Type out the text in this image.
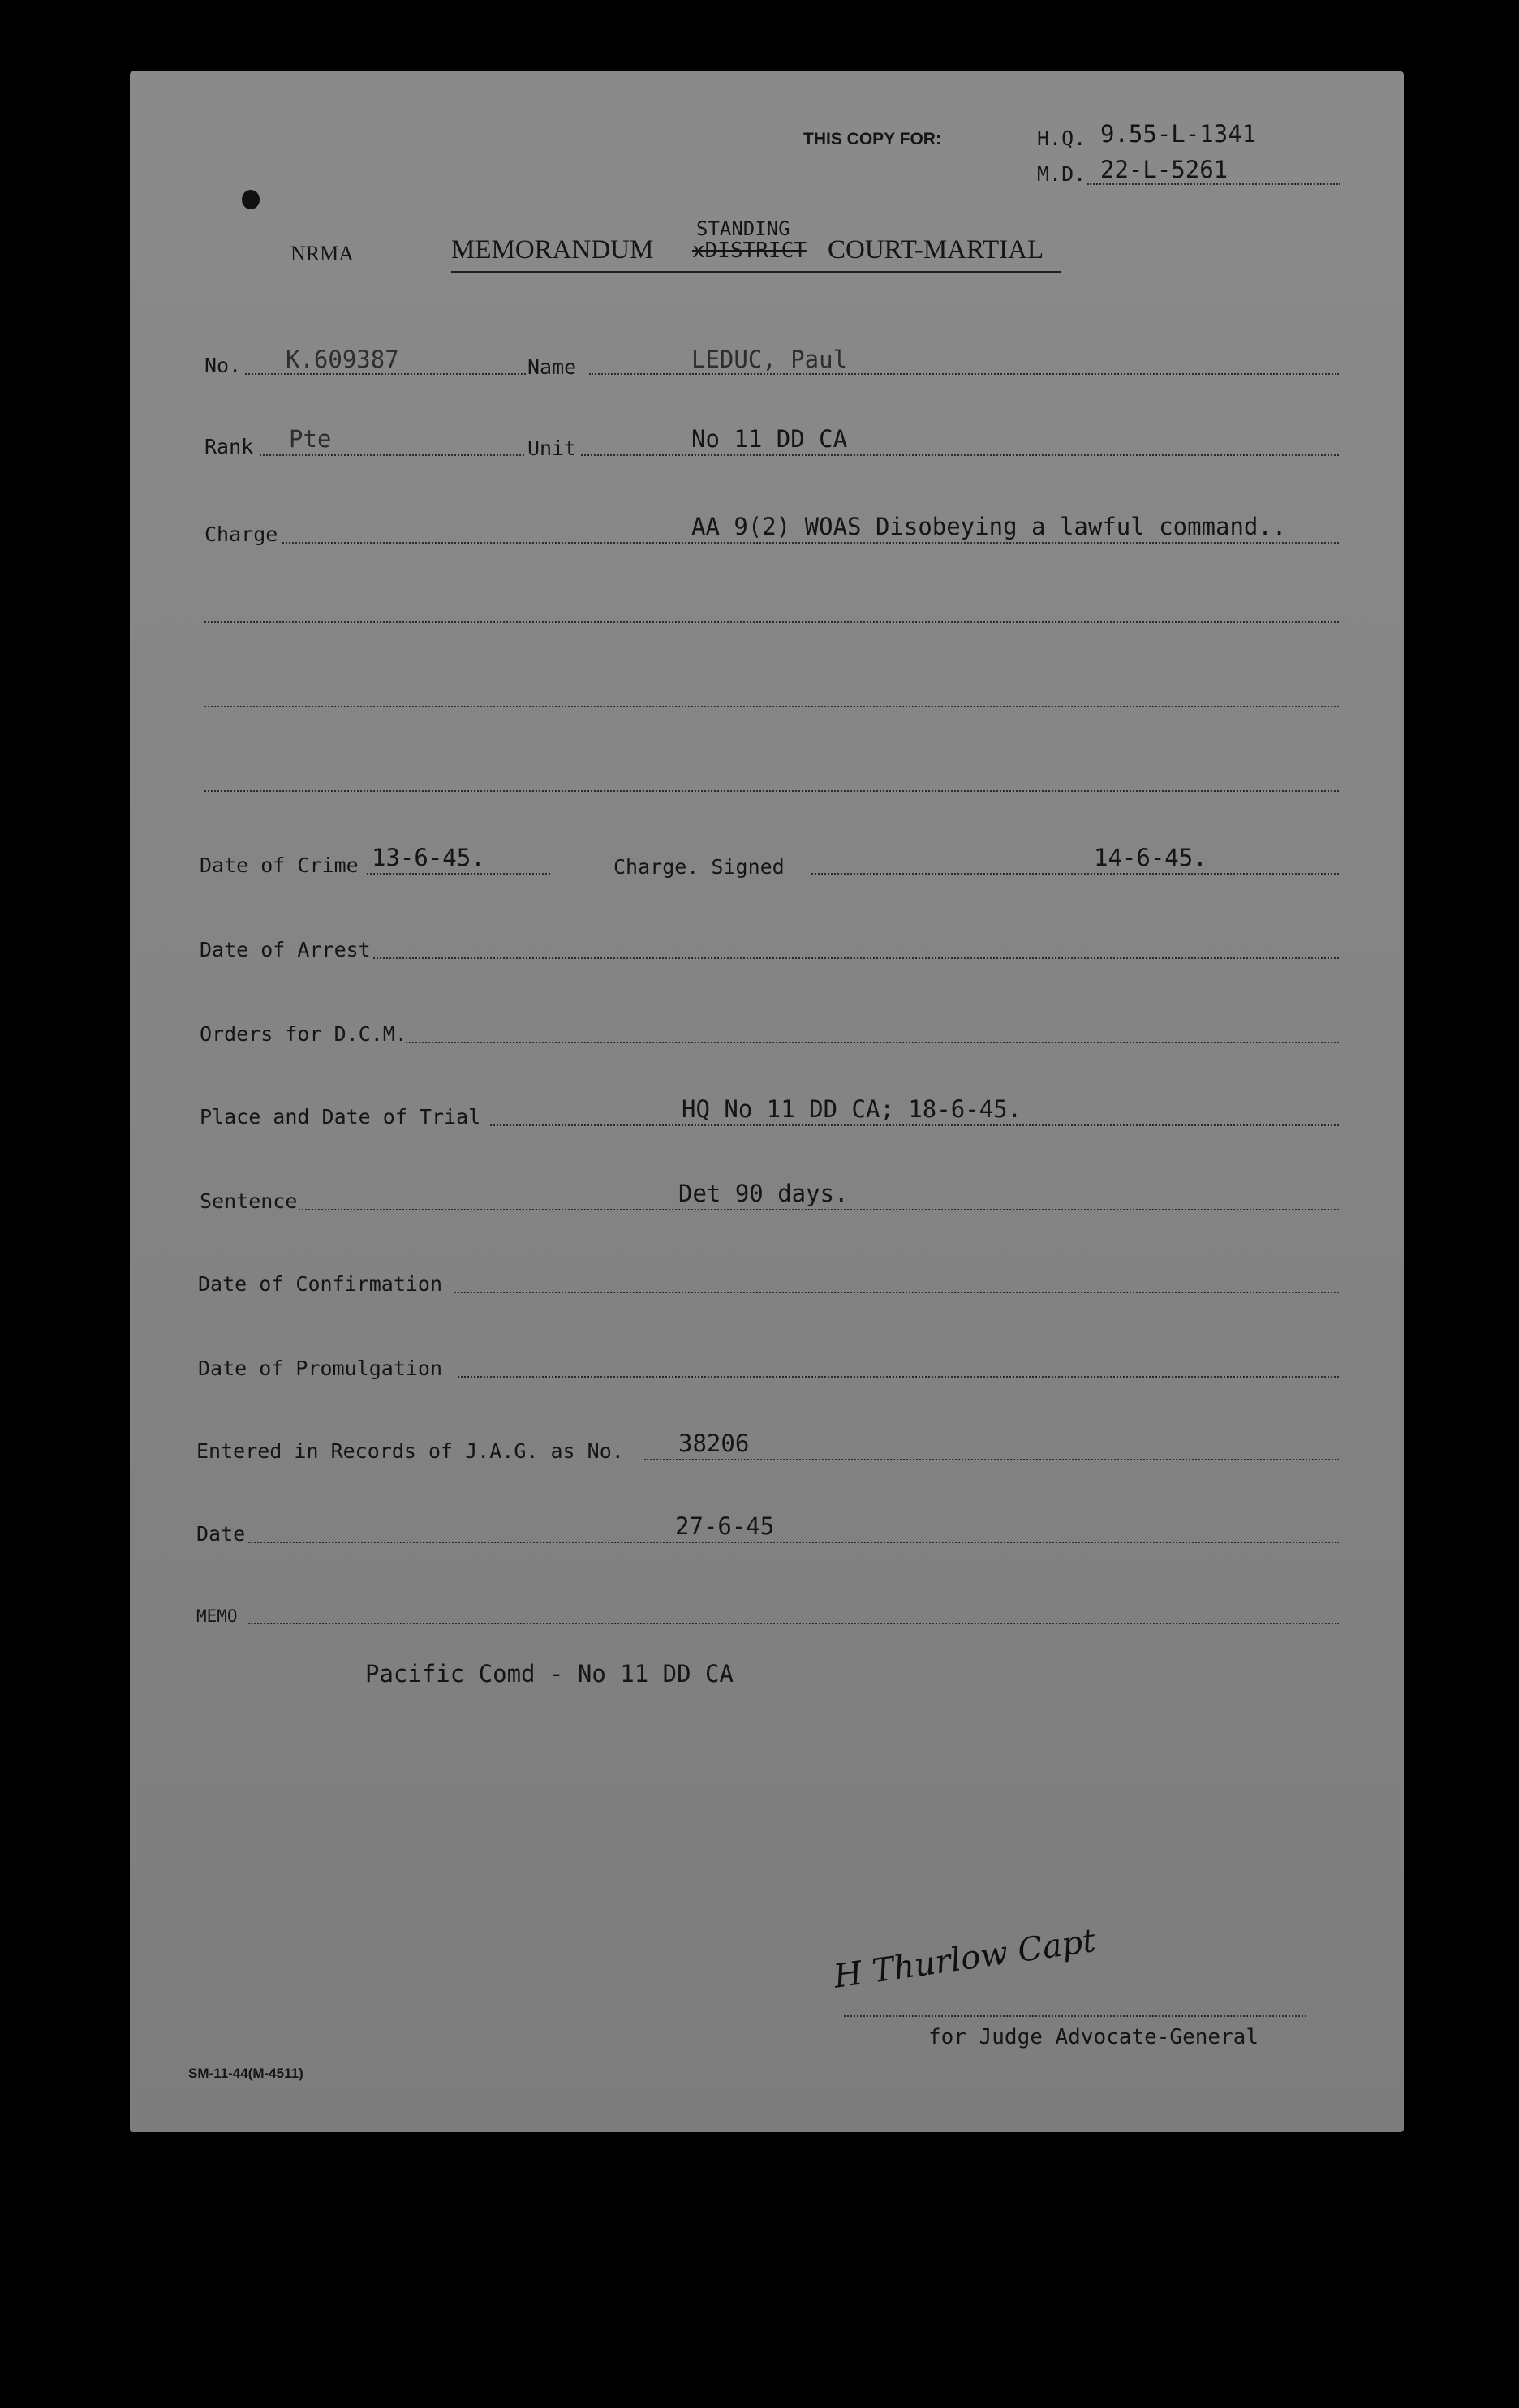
THIS COPY FOR:	H.Q. 9.55-L-1341
M.D. 22-L-5261
NRMA	MEMORANDUM xDISTRICT
STANDING
COURT-MARTIAL
No. K.609387	Name	LEDUC, Paul
Rank Pte	Unit	No 11 DD CA
Charge	AA 9(2) WOAS Disobeying a lawful command..
Date of Crime 13-6-45.	Charge. Signed	14-6-45.
Date of Arrest
Orders for D.C.M.
Place and Date of Trial	HQ No 11 DD CA; 18-6-45.
Sentence	Det 90 days.
Date of Confirmation
Date of Promulgation
Entered in Records of J.A.G. as No. 38206
Date	27-6-45
MEMO
Pacific Comd - No 11 DD CA
H Thurlow Capt
for Judge Advocate-General
SM-11-44(M-4511)
